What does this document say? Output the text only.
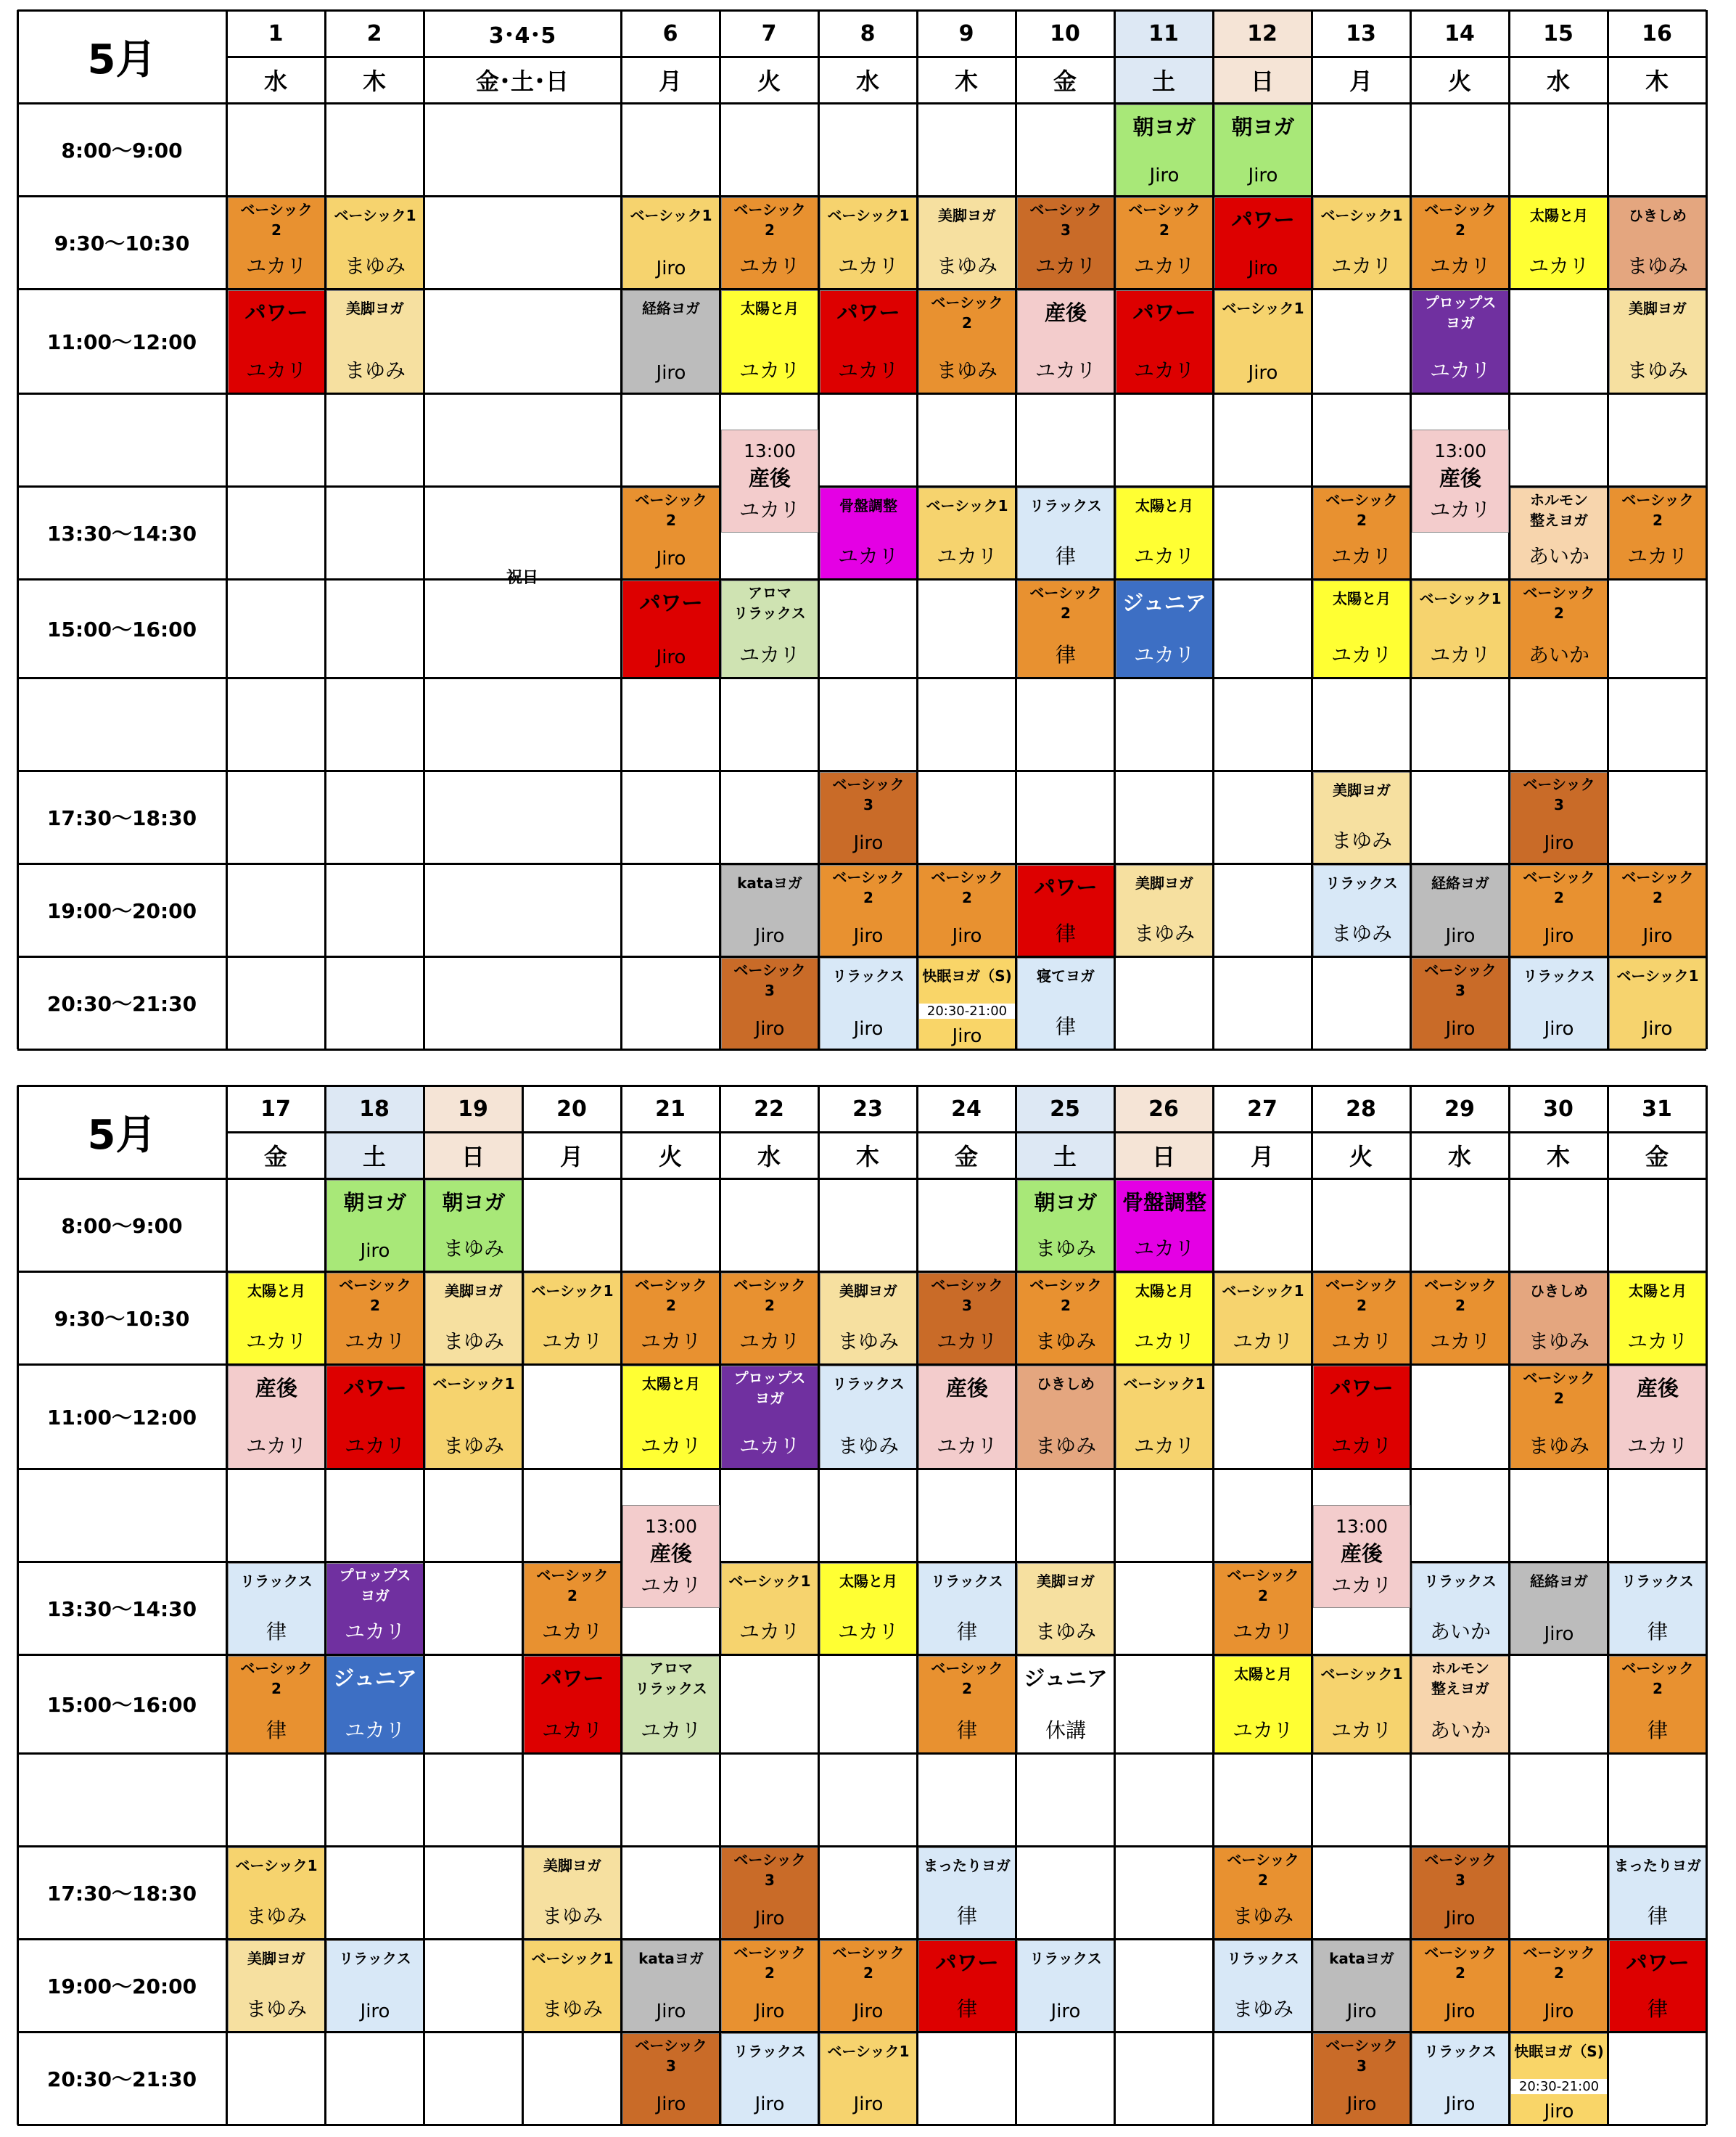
5月
1
水
2
木
3･4･5
金･土･日
6
月
7
火
8
水
9
木
10
金
11
土
12
日
13
月
14
火
15
水
16
木
8:00～9:00
9:30～10:30
11:00～12:00
13:30～14:30
15:00～16:00
17:30～18:30
19:00～20:00
20:30～21:30
祝日
朝ヨガ
Jiro
朝ヨガ
Jiro
ベーシック
2
ユカリ
ベーシック1
まゆみ
ベーシック1
Jiro
ベーシック
2
ユカリ
ベーシック1
ユカリ
美脚ヨガ
まゆみ
ベーシック
3
ユカリ
ベーシック
2
ユカリ
パワー
Jiro
ベーシック1
ユカリ
ベーシック
2
ユカリ
太陽と月
ユカリ
ひきしめ
まゆみ
パワー
ユカリ
美脚ヨガ
まゆみ
経絡ヨガ
Jiro
太陽と月
ユカリ
パワー
ユカリ
ベーシック
2
まゆみ
産後
ユカリ
パワー
ユカリ
ベーシック1
Jiro
プロップス
ヨガ
ユカリ
美脚ヨガ
まゆみ
13:00
産後
ユカリ
13:00
産後
ユカリ
ベーシック
2
Jiro
骨盤調整
ユカリ
ベーシック1
ユカリ
リラックス
律
太陽と月
ユカリ
ベーシック
2
ユカリ
ホルモン
整えヨガ
あいか
ベーシック
2
ユカリ
パワー
Jiro
アロマ
リラックス
ユカリ
ベーシック
2
律
ジュニア
ユカリ
太陽と月
ユカリ
ベーシック1
ユカリ
ベーシック
2
あいか
ベーシック
3
Jiro
美脚ヨガ
まゆみ
ベーシック
3
Jiro
kataヨガ
Jiro
ベーシック
2
Jiro
ベーシック
2
Jiro
パワー
律
美脚ヨガ
まゆみ
リラックス
まゆみ
経絡ヨガ
Jiro
ベーシック
2
Jiro
ベーシック
2
Jiro
ベーシック
3
Jiro
リラックス
Jiro
快眠ヨガ（S)
20:30-21:00
Jiro
寝てヨガ
律
ベーシック
3
Jiro
リラックス
Jiro
ベーシック1
Jiro
5月
17
金
18
土
19
日
20
月
21
火
22
水
23
木
24
金
25
土
26
日
27
月
28
火
29
水
30
木
31
金
8:00～9:00
9:30～10:30
11:00～12:00
13:30～14:30
15:00～16:00
17:30～18:30
19:00～20:00
20:30～21:30
朝ヨガ
Jiro
朝ヨガ
まゆみ
朝ヨガ
まゆみ
骨盤調整
ユカリ
太陽と月
ユカリ
ベーシック
2
ユカリ
美脚ヨガ
まゆみ
ベーシック1
ユカリ
ベーシック
2
ユカリ
ベーシック
2
ユカリ
美脚ヨガ
まゆみ
ベーシック
3
ユカリ
ベーシック
2
まゆみ
太陽と月
ユカリ
ベーシック1
ユカリ
ベーシック
2
ユカリ
ベーシック
2
ユカリ
ひきしめ
まゆみ
太陽と月
ユカリ
産後
ユカリ
パワー
ユカリ
ベーシック1
まゆみ
太陽と月
ユカリ
プロップス
ヨガ
ユカリ
リラックス
まゆみ
産後
ユカリ
ひきしめ
まゆみ
ベーシック1
ユカリ
パワー
ユカリ
ベーシック
2
まゆみ
産後
ユカリ
13:00
産後
ユカリ
13:00
産後
ユカリ
リラックス
律
プロップス
ヨガ
ユカリ
ベーシック
2
ユカリ
ベーシック1
ユカリ
太陽と月
ユカリ
リラックス
律
美脚ヨガ
まゆみ
ベーシック
2
ユカリ
リラックス
あいか
経絡ヨガ
Jiro
リラックス
律
ベーシック
2
律
ジュニア
ユカリ
パワー
ユカリ
アロマ
リラックス
ユカリ
ベーシック
2
律
ジュニア
休講
太陽と月
ユカリ
ベーシック1
ユカリ
ホルモン
整えヨガ
あいか
ベーシック
2
律
ベーシック1
まゆみ
美脚ヨガ
まゆみ
ベーシック
3
Jiro
まったりヨガ
律
ベーシック
2
まゆみ
ベーシック
3
Jiro
まったりヨガ
律
美脚ヨガ
まゆみ
リラックス
Jiro
ベーシック1
まゆみ
kataヨガ
Jiro
ベーシック
2
Jiro
ベーシック
2
Jiro
パワー
律
リラックス
Jiro
リラックス
まゆみ
kataヨガ
Jiro
ベーシック
2
Jiro
ベーシック
2
Jiro
パワー
律
ベーシック
3
Jiro
リラックス
Jiro
ベーシック1
Jiro
ベーシック
3
Jiro
リラックス
Jiro
快眠ヨガ（S)
20:30-21:00
Jiro
